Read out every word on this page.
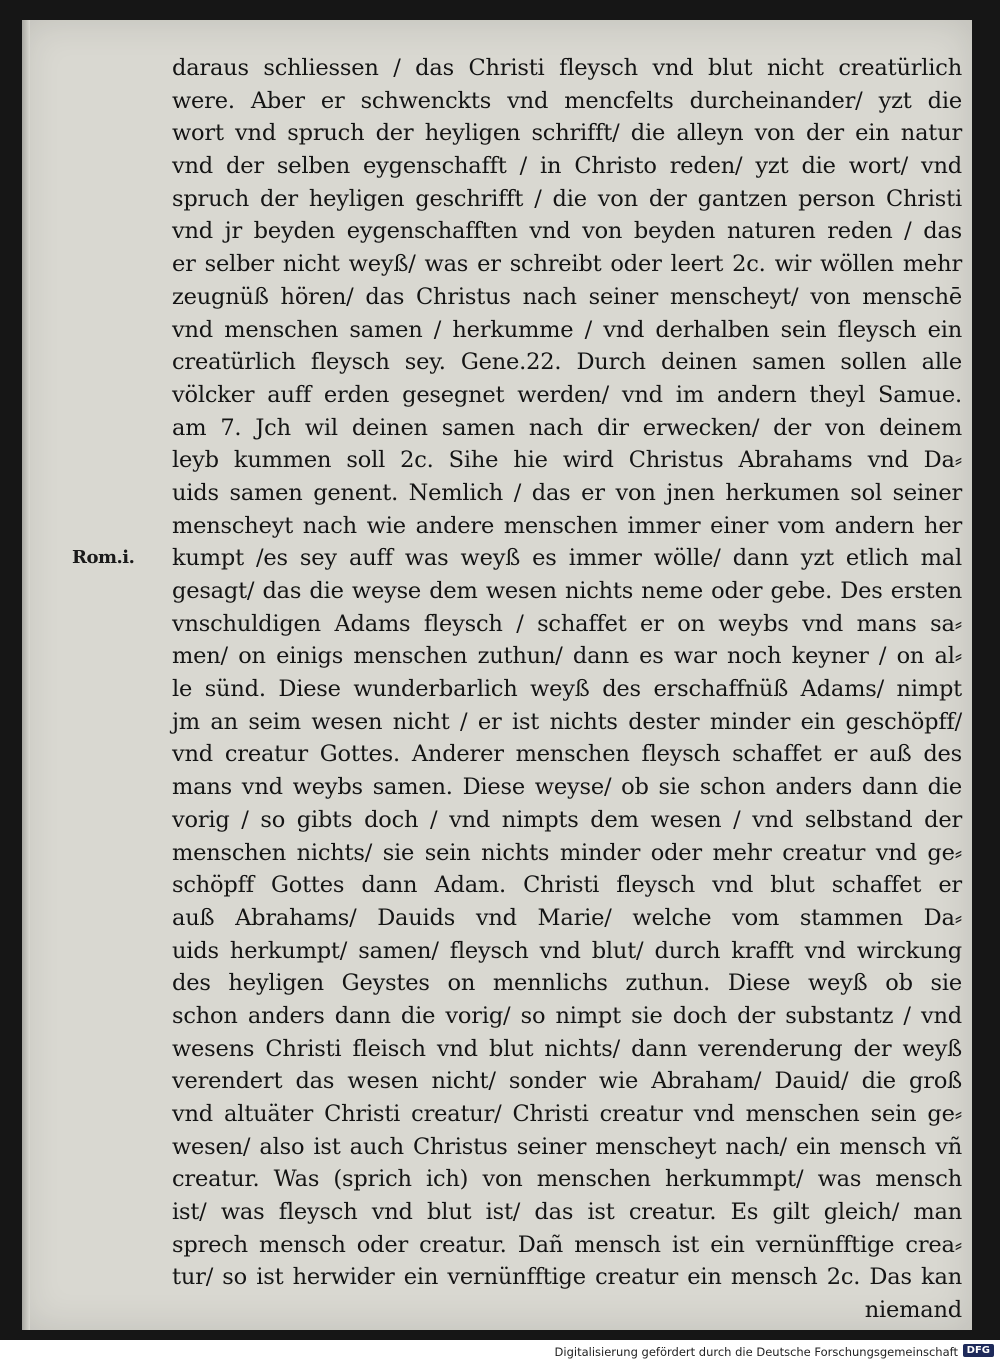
Rom.i.
daraus schliessen / das Christi fleysch vnd blut nicht creatürlich
were. Aber er schwenckts vnd mencfelts durcheinander/ yzt die
wort vnd spruch der heyligen schrifft/ die alleyn von der ein natur
vnd der selben eygenschafft / in Christo reden/ yzt die wort/ vnd
spruch der heyligen geschrifft / die von der gantzen person Christi
vnd jr beyden eygenschafften vnd von beyden naturen reden / das
er selber nicht weyß/ was er schreibt oder leert 2c. wir wöllen mehr
zeugnüß hören/ das Christus nach seiner menscheyt/ von menschē
vnd menschen samen / herkumme / vnd derhalben sein fleysch ein
creatürlich fleysch sey. Gene.22. Durch deinen samen sollen alle
völcker auff erden gesegnet werden/ vnd im andern theyl Samue.
am 7. Jch wil deinen samen nach dir erwecken/ der von deinem
leyb kummen soll 2c. Sihe hie wird Christus Abrahams vnd Da⸗
uids samen genent. Nemlich / das er von jnen herkumen sol seiner
menscheyt nach wie andere menschen immer einer vom andern her
kumpt /es sey auff was weyß es immer wölle/ dann yzt etlich mal
gesagt/ das die weyse dem wesen nichts neme oder gebe. Des ersten
vnschuldigen Adams fleysch / schaffet er on weybs vnd mans sa⸗
men/ on einigs menschen zuthun/ dann es war noch keyner / on al⸗
le sünd. Diese wunderbarlich weyß des erschaffnüß Adams/ nimpt
jm an seim wesen nicht / er ist nichts dester minder ein geschöpff/
vnd creatur Gottes. Anderer menschen fleysch schaffet er auß des
mans vnd weybs samen. Diese weyse/ ob sie schon anders dann die
vorig / so gibts doch / vnd nimpts dem wesen / vnd selbstand der
menschen nichts/ sie sein nichts minder oder mehr creatur vnd ge⸗
schöpff Gottes dann Adam. Christi fleysch vnd blut schaffet er
auß Abrahams/ Dauids vnd Marie/ welche vom stammen Da⸗
uids herkumpt/ samen/ fleysch vnd blut/ durch krafft vnd wirckung
des heyligen Geystes on mennlichs zuthun. Diese weyß ob sie
schon anders dann die vorig/ so nimpt sie doch der substantz / vnd
wesens Christi fleisch vnd blut nichts/ dann verenderung der weyß
verendert das wesen nicht/ sonder wie Abraham/ Dauid/ die groß
vnd altuäter Christi creatur/ Christi creatur vnd menschen sein ge⸗
wesen/ also ist auch Christus seiner menscheyt nach/ ein mensch vñ
creatur. Was (sprich ich) von menschen herkummpt/ was mensch
ist/ was fleysch vnd blut ist/ das ist creatur. Es gilt gleich/ man
sprech mensch oder creatur. Dañ mensch ist ein vernünfftige crea⸗
tur/ so ist herwider ein vernünfftige creatur ein mensch 2c. Das kan
niemand
Digitalisierung gefördert durch die Deutsche Forschungsgemeinschaft DFG
